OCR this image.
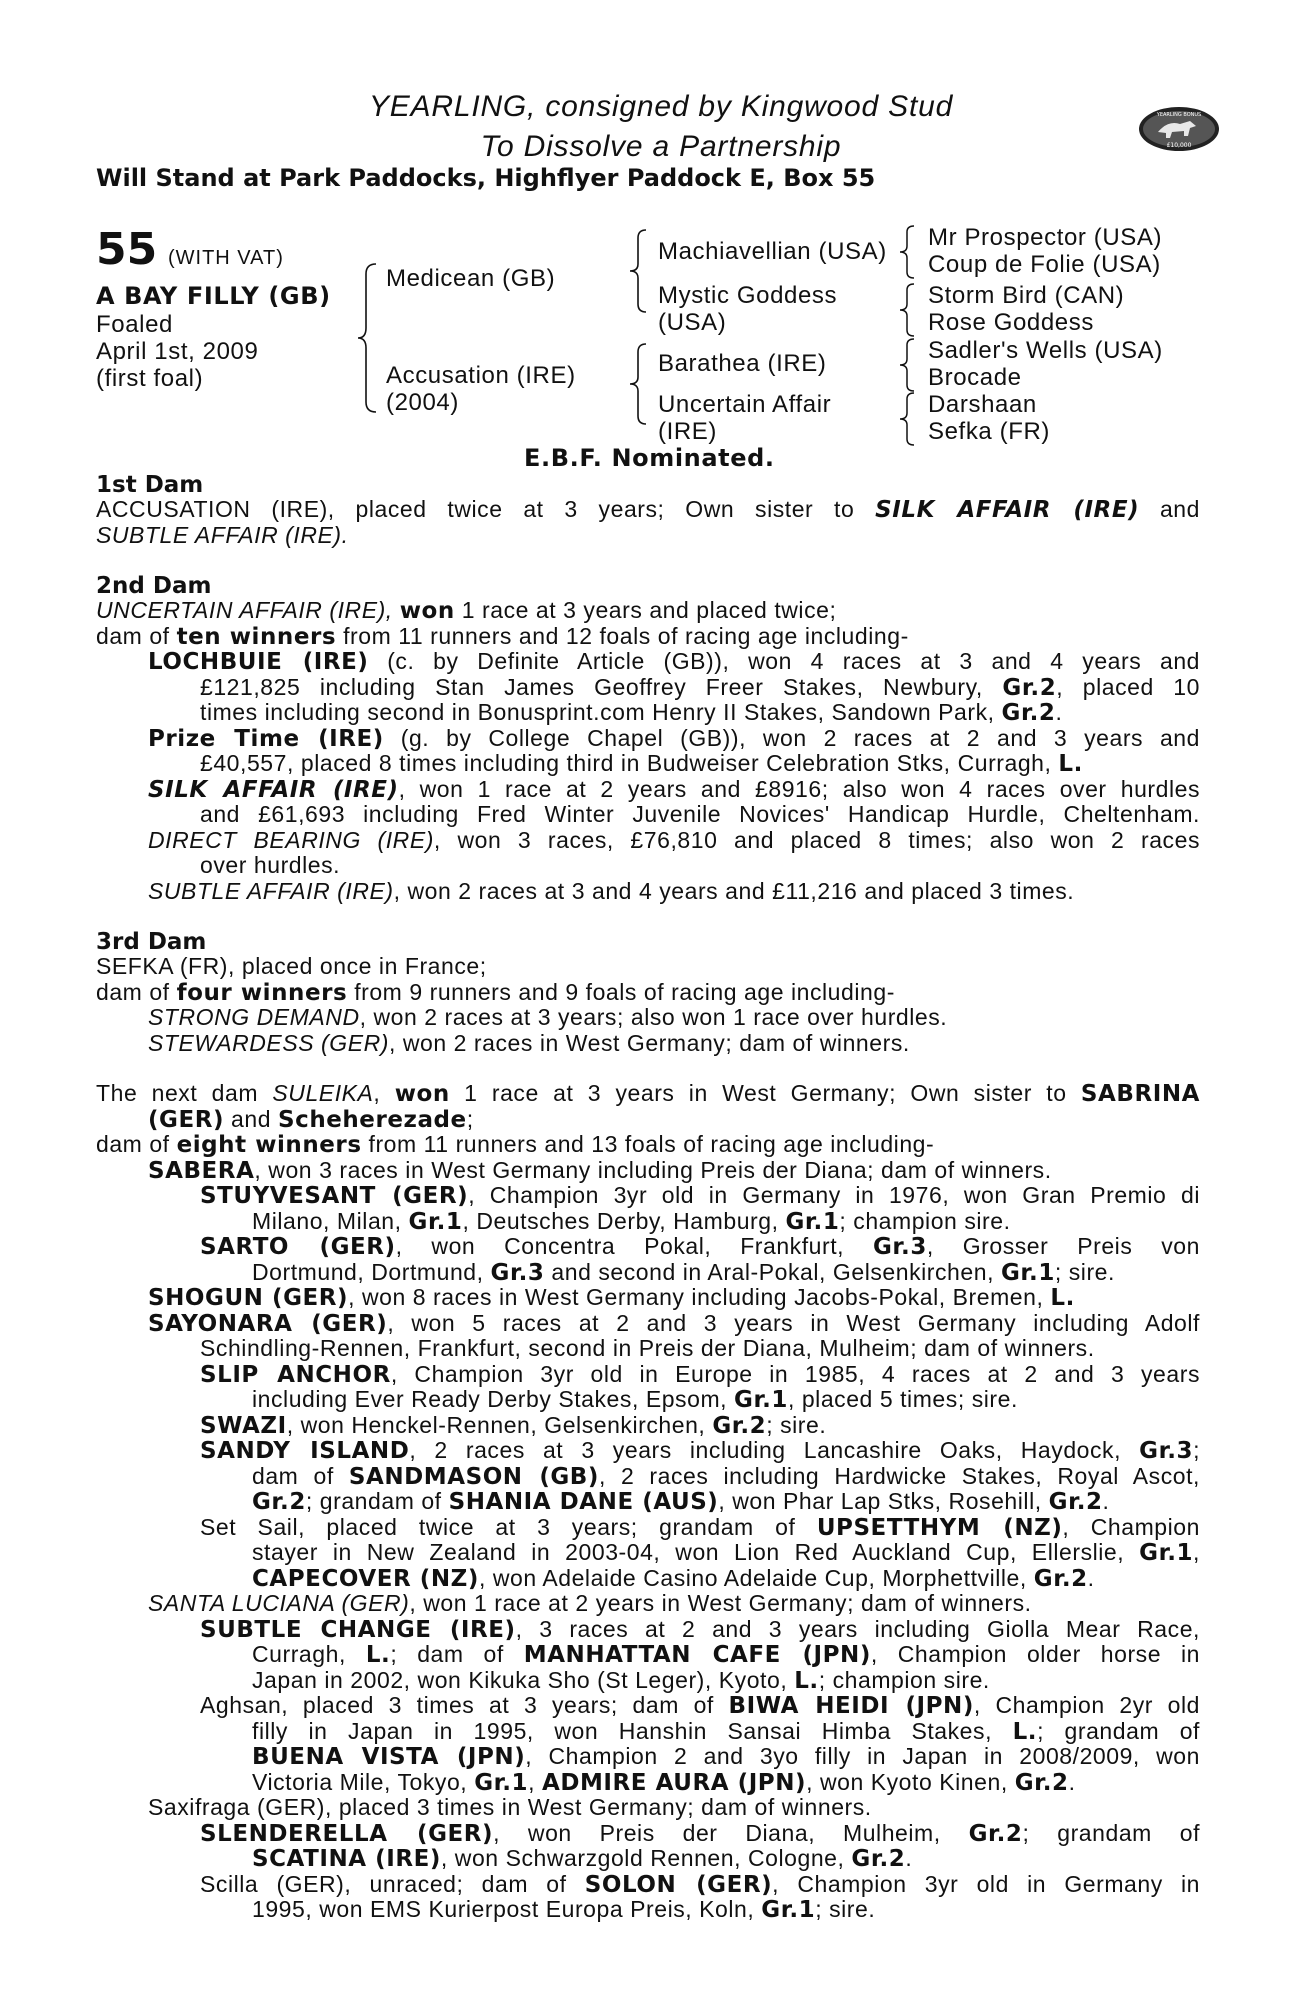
YEARLING, consigned by Kingwood Stud
To Dissolve a Partnership
Will Stand at Park Paddocks, Highflyer Paddock E, Box 55
YEARLING BONUS
£10,000
55 (WITH VAT)
A BAY FILLY (GB)
Foaled
April 1st, 2009
(first foal)
Medicean (GB)
Accusation (IRE)
(2004)
Machiavellian (USA)
Mystic Goddess
(USA)
Barathea (IRE)
Uncertain Affair
(IRE)
Mr Prospector (USA)
Coup de Folie (USA)
Storm Bird (CAN)
Rose Goddess
Sadler's Wells (USA)
Brocade
Darshaan
Sefka (FR)
E.B.F. Nominated.
1st Dam
ACCUSATION (IRE), placed twice at 3 years; Own sister to SILK AFFAIR (IRE) and
SUBTLE AFFAIR (IRE).
2nd Dam
UNCERTAIN AFFAIR (IRE), won 1 race at 3 years and placed twice;
dam of ten winners from 11 runners and 12 foals of racing age including-
LOCHBUIE (IRE) (c. by Definite Article (GB)), won 4 races at 3 and 4 years and
£121,825 including Stan James Geoffrey Freer Stakes, Newbury, Gr.2, placed 10
times including second in Bonusprint.com Henry II Stakes, Sandown Park, Gr.2.
Prize Time (IRE) (g. by College Chapel (GB)), won 2 races at 2 and 3 years and
£40,557, placed 8 times including third in Budweiser Celebration Stks, Curragh, L.
SILK AFFAIR (IRE), won 1 race at 2 years and £8916; also won 4 races over hurdles
and £61,693 including Fred Winter Juvenile Novices' Handicap Hurdle, Cheltenham.
DIRECT BEARING (IRE), won 3 races, £76,810 and placed 8 times; also won 2 races
over hurdles.
SUBTLE AFFAIR (IRE), won 2 races at 3 and 4 years and £11,216 and placed 3 times.
3rd Dam
SEFKA (FR), placed once in France;
dam of four winners from 9 runners and 9 foals of racing age including-
STRONG DEMAND, won 2 races at 3 years; also won 1 race over hurdles.
STEWARDESS (GER), won 2 races in West Germany; dam of winners.
The next dam SULEIKA, won 1 race at 3 years in West Germany; Own sister to SABRINA
(GER) and Scheherezade;
dam of eight winners from 11 runners and 13 foals of racing age including-
SABERA, won 3 races in West Germany including Preis der Diana; dam of winners.
STUYVESANT (GER), Champion 3yr old in Germany in 1976, won Gran Premio di
Milano, Milan, Gr.1, Deutsches Derby, Hamburg, Gr.1; champion sire.
SARTO (GER), won Concentra Pokal, Frankfurt, Gr.3, Grosser Preis von
Dortmund, Dortmund, Gr.3 and second in Aral-Pokal, Gelsenkirchen, Gr.1; sire.
SHOGUN (GER), won 8 races in West Germany including Jacobs-Pokal, Bremen, L.
SAYONARA (GER), won 5 races at 2 and 3 years in West Germany including Adolf
Schindling-Rennen, Frankfurt, second in Preis der Diana, Mulheim; dam of winners.
SLIP ANCHOR, Champion 3yr old in Europe in 1985, 4 races at 2 and 3 years
including Ever Ready Derby Stakes, Epsom, Gr.1, placed 5 times; sire.
SWAZI, won Henckel-Rennen, Gelsenkirchen, Gr.2; sire.
SANDY ISLAND, 2 races at 3 years including Lancashire Oaks, Haydock, Gr.3;
dam of SANDMASON (GB), 2 races including Hardwicke Stakes, Royal Ascot,
Gr.2; grandam of SHANIA DANE (AUS), won Phar Lap Stks, Rosehill, Gr.2.
Set Sail, placed twice at 3 years; grandam of UPSETTHYM (NZ), Champion
stayer in New Zealand in 2003-04, won Lion Red Auckland Cup, Ellerslie, Gr.1,
CAPECOVER (NZ), won Adelaide Casino Adelaide Cup, Morphettville, Gr.2.
SANTA LUCIANA (GER), won 1 race at 2 years in West Germany; dam of winners.
SUBTLE CHANGE (IRE), 3 races at 2 and 3 years including Giolla Mear Race,
Curragh, L.; dam of MANHATTAN CAFE (JPN), Champion older horse in
Japan in 2002, won Kikuka Sho (St Leger), Kyoto, L.; champion sire.
Aghsan, placed 3 times at 3 years; dam of BIWA HEIDI (JPN), Champion 2yr old
filly in Japan in 1995, won Hanshin Sansai Himba Stakes, L.; grandam of
BUENA VISTA (JPN), Champion 2 and 3yo filly in Japan in 2008/2009, won
Victoria Mile, Tokyo, Gr.1, ADMIRE AURA (JPN), won Kyoto Kinen, Gr.2.
Saxifraga (GER), placed 3 times in West Germany; dam of winners.
SLENDERELLA (GER), won Preis der Diana, Mulheim, Gr.2; grandam of
SCATINA (IRE), won Schwarzgold Rennen, Cologne, Gr.2.
Scilla (GER), unraced; dam of SOLON (GER), Champion 3yr old in Germany in
1995, won EMS Kurierpost Europa Preis, Koln, Gr.1; sire.
